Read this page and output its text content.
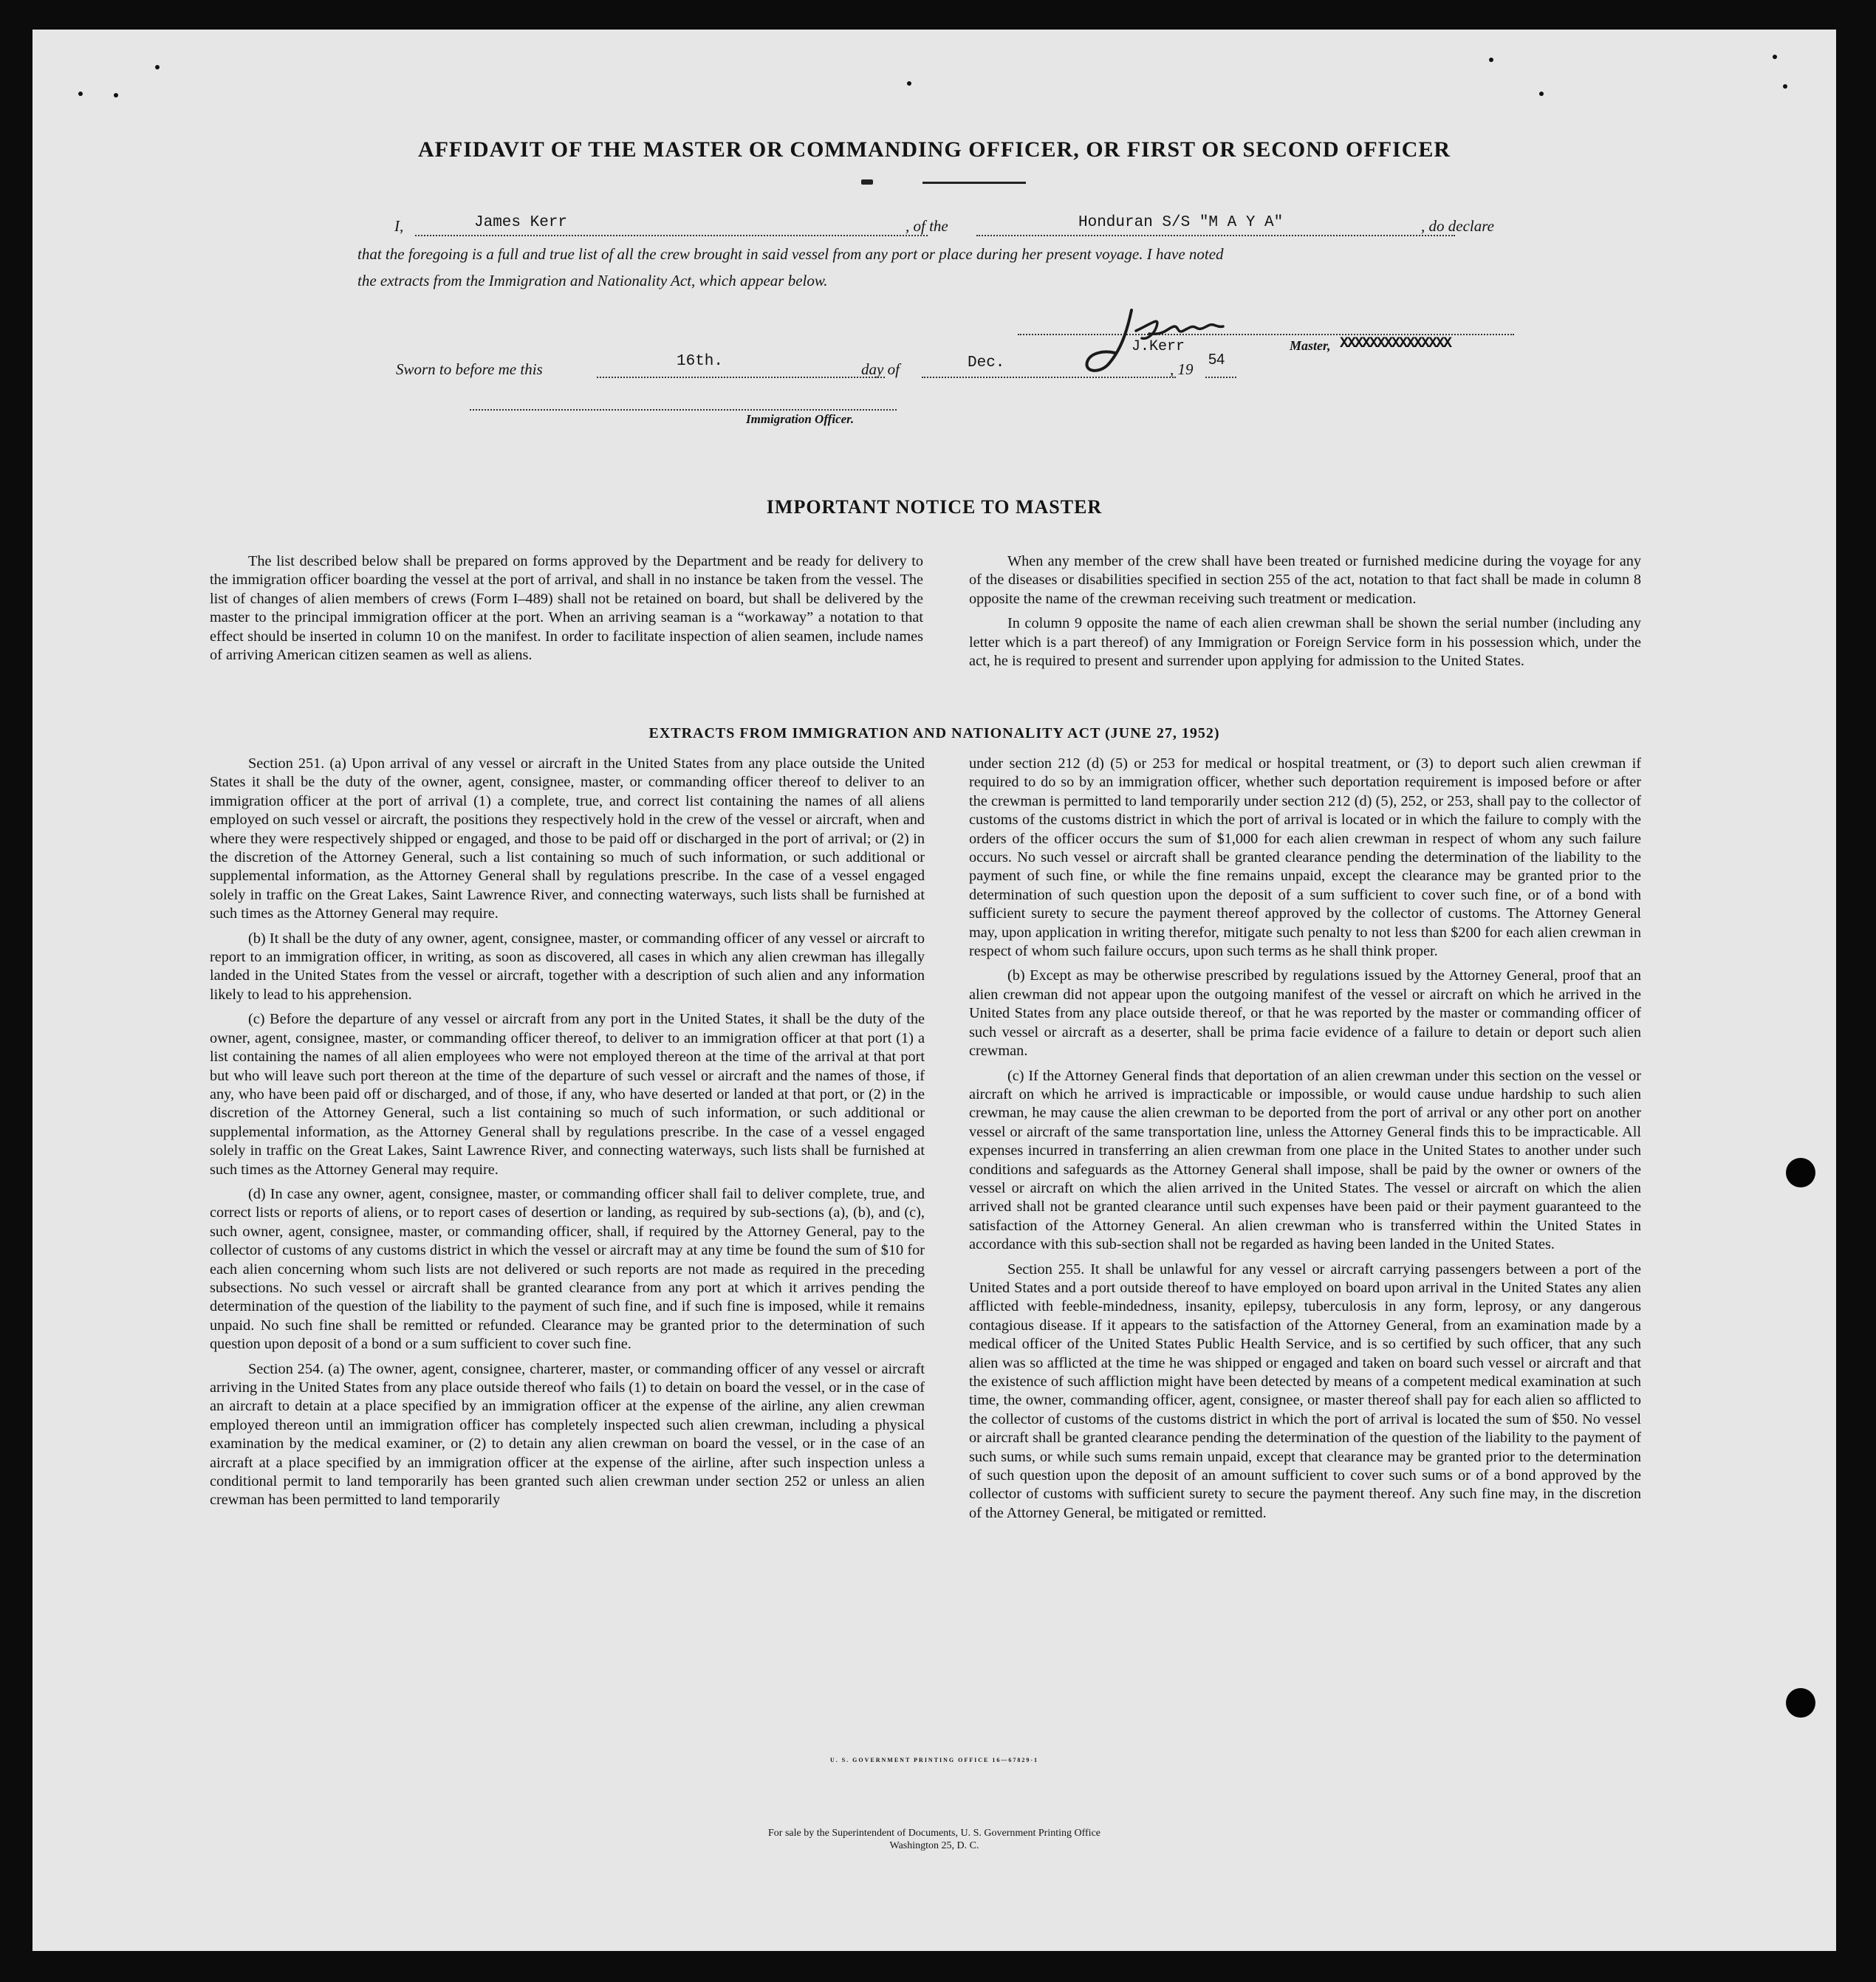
AFFIDAVIT OF THE MASTER OR COMMANDING OFFICER, OR FIRST OR SECOND OFFICER
I,	James Kerr	, of the	Honduran S/S "M A Y A"	, do declare
that the foregoing is a full and true list of all the crew brought in said vessel from any port or place during her present voyage. I have noted
the extracts from the Immigration and Nationality Act, which appear below.
J.Kerr	Master, XXXXXXXXXXXXXXX
Sworn to before me this	16th.	day of	Dec.	, 19
54
Immigration Officer.
IMPORTANT NOTICE TO MASTER

The list described below shall be prepared on forms approved by the Department and be ready for delivery to the immigration officer boarding the vessel at the port of arrival, and shall in no instance be taken from the vessel. The list of changes of alien members of crews (Form I–489) shall not be retained on board, but shall be delivered by the master to the principal immigration officer at the port. When an arriving seaman is a “workaway” a notation to that effect should be inserted in column 10 on the manifest. In order to facilitate inspection of alien seamen, include names of arriving American citizen seamen as well as aliens.

When any member of the crew shall have been treated or furnished medicine during the voyage for any of the diseases or disabilities specified in section 255 of the act, notation to that fact shall be made in column 8 opposite the name of the crewman receiving such treatment or medication.

In column 9 opposite the name of each alien crewman shall be shown the serial number (including any letter which is a part thereof) of any Immigration or Foreign Service form in his possession which, under the act, he is required to present and surrender upon applying for admission to the United States.

EXTRACTS FROM IMMIGRATION AND NATIONALITY ACT (JUNE 27, 1952)

Section 251. (a) Upon arrival of any vessel or aircraft in the United States from any place outside the United States it shall be the duty of the owner, agent, consignee, master, or commanding officer thereof to deliver to an immigration officer at the port of arrival (1) a complete, true, and correct list containing the names of all aliens employed on such vessel or aircraft, the positions they respectively hold in the crew of the vessel or aircraft, when and where they were respectively shipped or engaged, and those to be paid off or discharged in the port of arrival; or (2) in the discretion of the Attorney General, such a list containing so much of such information, or such additional or supplemental information, as the Attorney General shall by regulations prescribe. In the case of a vessel engaged solely in traffic on the Great Lakes, Saint Lawrence River, and connecting waterways, such lists shall be furnished at such times as the Attorney General may require.

(b) It shall be the duty of any owner, agent, consignee, master, or commanding officer of any vessel or aircraft to report to an immigration officer, in writing, as soon as discovered, all cases in which any alien crewman has illegally landed in the United States from the vessel or aircraft, together with a description of such alien and any information likely to lead to his apprehension.

(c) Before the departure of any vessel or aircraft from any port in the United States, it shall be the duty of the owner, agent, consignee, master, or commanding officer thereof, to deliver to an immigration officer at that port (1) a list containing the names of all alien employees who were not employed thereon at the time of the arrival at that port but who will leave such port thereon at the time of the departure of such vessel or aircraft and the names of those, if any, who have been paid off or discharged, and of those, if any, who have deserted or landed at that port, or (2) in the discretion of the Attorney General, such a list containing so much of such information, or such additional or supplemental information, as the Attorney General shall by regulations prescribe. In the case of a vessel engaged solely in traffic on the Great Lakes, Saint Lawrence River, and connecting waterways, such lists shall be furnished at such times as the Attorney General may require.

(d) In case any owner, agent, consignee, master, or commanding officer shall fail to deliver complete, true, and correct lists or reports of aliens, or to report cases of desertion or landing, as required by sub-sections (a), (b), and (c), such owner, agent, consignee, master, or commanding officer, shall, if required by the Attorney General, pay to the collector of customs of any customs district in which the vessel or aircraft may at any time be found the sum of $10 for each alien concerning whom such lists are not delivered or such reports are not made as required in the preceding subsections. No such vessel or aircraft shall be granted clearance from any port at which it arrives pending the determination of the question of the liability to the payment of such fine, and if such fine is imposed, while it remains unpaid. No such fine shall be remitted or refunded. Clearance may be granted prior to the determination of such question upon deposit of a bond or a sum sufficient to cover such fine.

Section 254. (a) The owner, agent, consignee, charterer, master, or commanding officer of any vessel or aircraft arriving in the United States from any place outside thereof who fails (1) to detain on board the vessel, or in the case of an aircraft to detain at a place specified by an immigration officer at the expense of the airline, any alien crewman employed thereon until an immigration officer has completely inspected such alien crewman, including a physical examination by the medical examiner, or (2) to detain any alien crewman on board the vessel, or in the case of an aircraft at a place specified by an immigration officer at the expense of the airline, after such inspection unless a conditional permit to land temporarily has been granted such alien crewman under section 252 or unless an alien crewman has been permitted to land temporarily

under section 212 (d) (5) or 253 for medical or hospital treatment, or (3) to deport such alien crewman if required to do so by an immigration officer, whether such deportation requirement is imposed before or after the crewman is permitted to land temporarily under section 212 (d) (5), 252, or 253, shall pay to the collector of customs of the customs district in which the port of arrival is located or in which the failure to comply with the orders of the officer occurs the sum of $1,000 for each alien crewman in respect of whom any such failure occurs. No such vessel or aircraft shall be granted clearance pending the determination of the liability to the payment of such fine, or while the fine remains unpaid, except the clearance may be granted prior to the determination of such question upon the deposit of a sum sufficient to cover such fine, or of a bond with sufficient surety to secure the payment thereof approved by the collector of customs. The Attorney General may, upon application in writing therefor, mitigate such penalty to not less than $200 for each alien crewman in respect of whom such failure occurs, upon such terms as he shall think proper.

(b) Except as may be otherwise prescribed by regulations issued by the Attorney General, proof that an alien crewman did not appear upon the outgoing manifest of the vessel or aircraft on which he arrived in the United States from any place outside thereof, or that he was reported by the master or commanding officer of such vessel or aircraft as a deserter, shall be prima facie evidence of a failure to detain or deport such alien crewman.

(c) If the Attorney General finds that deportation of an alien crewman under this section on the vessel or aircraft on which he arrived is impracticable or impossible, or would cause undue hardship to such alien crewman, he may cause the alien crewman to be deported from the port of arrival or any other port on another vessel or aircraft of the same transportation line, unless the Attorney General finds this to be impracticable. All expenses incurred in transferring an alien crewman from one place in the United States to another under such conditions and safeguards as the Attorney General shall impose, shall be paid by the owner or owners of the vessel or aircraft on which the alien arrived in the United States. The vessel or aircraft on which the alien arrived shall not be granted clearance until such expenses have been paid or their payment guaranteed to the satisfaction of the Attorney General. An alien crewman who is transferred within the United States in accordance with this sub-section shall not be regarded as having been landed in the United States.

Section 255. It shall be unlawful for any vessel or aircraft carrying passengers between a port of the United States and a port outside thereof to have employed on board upon arrival in the United States any alien afflicted with feeble-mindedness, insanity, epilepsy, tuberculosis in any form, leprosy, or any dangerous contagious disease. If it appears to the satisfaction of the Attorney General, from an examination made by a medical officer of the United States Public Health Service, and is so certified by such officer, that any such alien was so afflicted at the time he was shipped or engaged and taken on board such vessel or aircraft and that the existence of such affliction might have been detected by means of a competent medical examination at such time, the owner, commanding officer, agent, consignee, or master thereof shall pay for each alien so afflicted to the collector of customs of the customs district in which the port of arrival is located the sum of $50. No vessel or aircraft shall be granted clearance pending the determination of the question of the liability to the payment of such sums, or while such sums remain unpaid, except that clearance may be granted prior to the determination of such question upon the deposit of an amount sufficient to cover such sums or of a bond approved by the collector of customs with sufficient surety to secure the payment thereof. Any such fine may, in the discretion of the Attorney General, be mitigated or remitted.

U. S. GOVERNMENT PRINTING OFFICE 16—67829-1
For sale by the Superintendent of Documents, U. S. Government Printing Office
Washington 25, D. C.
